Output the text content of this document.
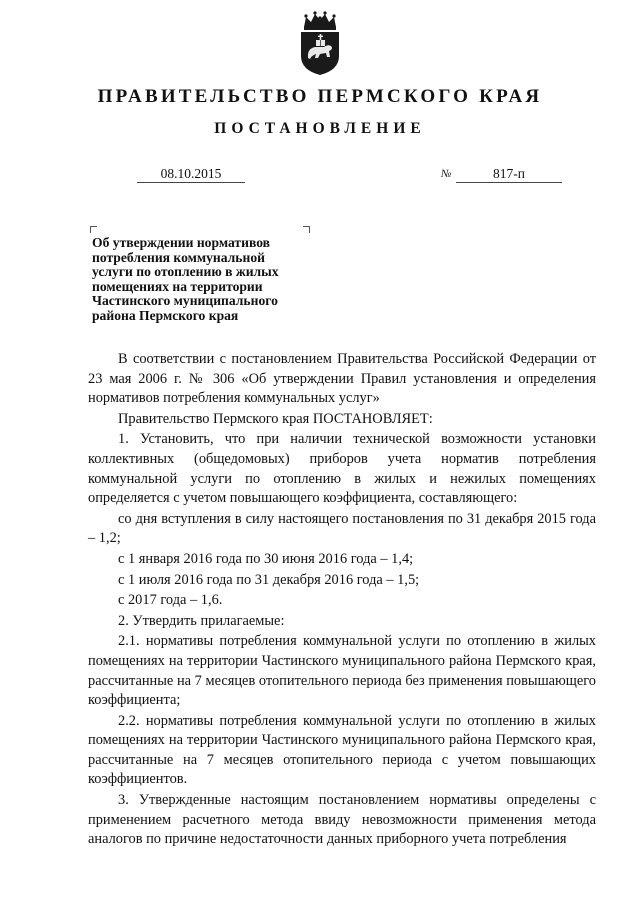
ПРАВИТЕЛЬСТВО ПЕРМСКОГО КРАЯ
ПОСТАНОВЛЕНИЕ
08.10.2015	№	817-п
Об утверждении нормативов
потребления коммунальной
услуги по отоплению в жилых
помещениях на территории
Частинского муниципального
района Пермского края

В соответствии с постановлением Правительства Российской Федерации от 23 мая 2006 г. № 306 «Об утверждении Правил установления и определения нормативов потребления коммунальных услуг»

Правительство Пермского края ПОСТАНОВЛЯЕТ:

1. Установить, что при наличии технической возможности установки коллективных (общедомовых) приборов учета норматив потребления коммунальной услуги по отоплению в жилых и нежилых помещениях определяется с учетом повышающего коэффициента, составляющего:

со дня вступления в силу настоящего постановления по 31 декабря 2015 года – 1,2;

с 1 января 2016 года по 30 июня 2016 года – 1,4;

с 1 июля 2016 года по 31 декабря 2016 года – 1,5;

с 2017 года – 1,6.

2. Утвердить прилагаемые:

2.1. нормативы потребления коммунальной услуги по отоплению в жилых помещениях на территории Частинского муниципального района Пермского края, рассчитанные на 7 месяцев отопительного периода без применения повышающего коэффициента;

2.2. нормативы потребления коммунальной услуги по отоплению в жилых помещениях на территории Частинского муниципального района Пермского края, рассчитанные на 7 месяцев отопительного периода с учетом повышающих коэффициентов.

3. Утвержденные настоящим постановлением нормативы определены с применением расчетного метода ввиду невозможности применения метода аналогов по причине недостаточности данных приборного учета потребления
